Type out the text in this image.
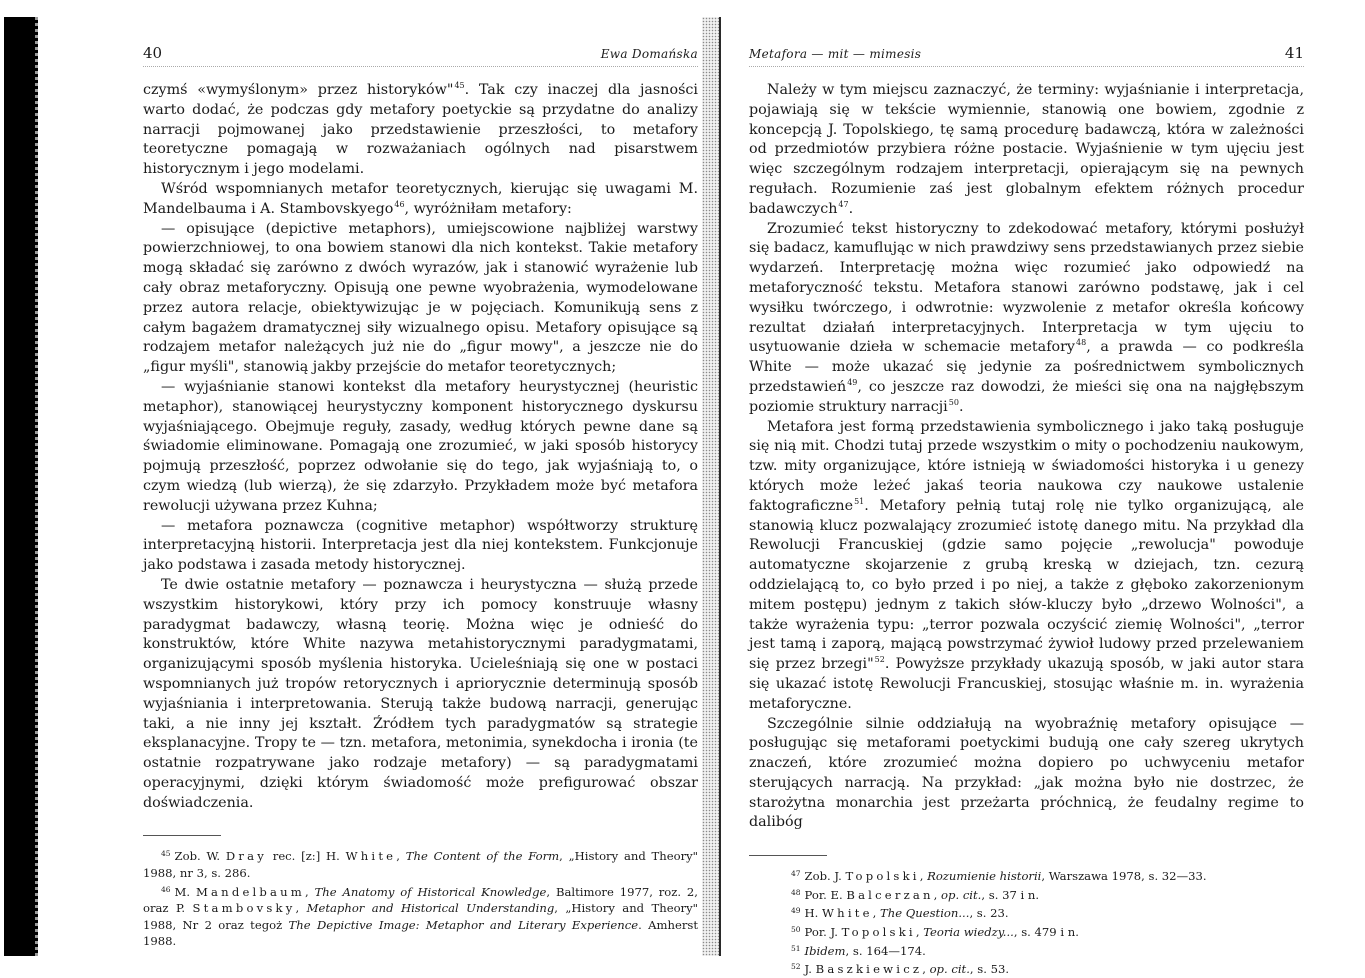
40	Ewa Domańska

czymś «wymyślonym» przez historyków"$^{45}$. Tak czy inaczej dla jasności warto dodać, że podczas gdy metafory poetyckie są przydatne do analizy narracji pojmowanej jako przedstawienie przeszłości, to metafory teoretyczne pomagają w rozważaniach ogólnych nad pisarstwem historycznym i jego modelami.

Wśród wspomnianych metafor teoretycznych, kierując się uwagami M. Mandelbauma i A. Stambovskyego$^{46}$, wyróżniłam metafory:

— opisujące (depictive metaphors), umiejscowione najbliżej warstwy powierzchniowej, to ona bowiem stanowi dla nich kontekst. Takie metafory mogą składać się zarówno z dwóch wyrazów, jak i stanowić wyrażenie lub cały obraz metaforyczny. Opisują one pewne wyobrażenia, wymodelowane przez autora relacje, obiektywizując je w pojęciach. Komunikują sens z całym bagażem dramatycznej siły wizualnego opisu. Metafory opisujące są rodzajem metafor należących już nie do „figur mowy", a jeszcze nie do „figur myśli", stanowią jakby przejście do metafor teoretycznych;

— wyjaśnianie stanowi kontekst dla metafory heurystycznej (heuristic metaphor), stanowiącej heurystyczny komponent historycznego dyskursu wyjaśniającego. Obejmuje reguły, zasady, według których pewne dane są świadomie eliminowane. Pomagają one zrozumieć, w jaki sposób historycy pojmują przeszłość, poprzez odwołanie się do tego, jak wyjaśniają to, o czym wiedzą (lub wierzą), że się zdarzyło. Przykładem może być metafora rewolucji używana przez Kuhna;

— metafora poznawcza (cognitive metaphor) współtworzy strukturę interpretacyjną historii. Interpretacja jest dla niej kontekstem. Funkcjonuje jako podstawa i zasada metody historycznej.

Te dwie ostatnie metafory — poznawcza i heurystyczna — służą przede wszystkim historykowi, który przy ich pomocy konstruuje własny paradygmat badawczy, własną teorię. Można więc je odnieść do konstruktów, które White nazywa metahistorycznymi paradygmatami, organizującymi sposób myślenia historyka. Ucieleśniają się one w postaci wspomnianych już tropów retorycznych i apriorycznie determinują sposób wyjaśniania i interpretowania. Sterują także budową narracji, generując taki, a nie inny jej kształt. Źródłem tych paradygmatów są strategie eksplanacyjne. Tropy te — tzn. metafora, metonimia, synekdocha i ironia (te ostatnie rozpatrywane jako rodzaje metafory) — są paradygmatami operacyjnymi, dzięki którym świadomość może prefigurować obszar doświadczenia.

$^{45}$ Zob. W. Dray rec. [z:] H. White, The Content of the Form, „History and Theory" 1988, nr 3, s. 286.

$^{46}$ M. Mandelbaum, The Anatomy of Historical Knowledge, Baltimore 1977, roz. 2, oraz P. Stambovsky, Metaphor and Historical Understanding, „History and Theory" 1988, Nr 2 oraz tegoż The Depictive Image: Metaphor and Literary Experience. Amherst 1988.

Metafora — mit — mimesis	41

Należy w tym miejscu zaznaczyć, że terminy: wyjaśnianie i interpretacja, pojawiają się w tekście wymiennie, stanowią one bowiem, zgodnie z koncepcją J. Topolskiego, tę samą procedurę badawczą, która w zależności od przedmiotów przybiera różne postacie. Wyjaśnienie w tym ujęciu jest więc szczególnym rodzajem interpretacji, opierającym się na pewnych regułach. Rozumienie zaś jest globalnym efektem różnych procedur badawczych$^{47}$.

Zrozumieć tekst historyczny to zdekodować metafory, którymi posłużył się badacz, kamuflując w nich prawdziwy sens przedstawianych przez siebie wydarzeń. Interpretację można więc rozumieć jako odpowiedź na metaforyczność tekstu. Metafora stanowi zarówno podstawę, jak i cel wysiłku twórczego, i odwrotnie: wyzwolenie z metafor określa końcowy rezultat działań interpretacyjnych. Interpretacja w tym ujęciu to usytuowanie dzieła w schemacie metafory$^{48}$, a prawda — co podkreśla White — może ukazać się jedynie za pośrednictwem symbolicznych przedstawień$^{49}$, co jeszcze raz dowodzi, że mieści się ona na najgłębszym poziomie struktury narracji$^{50}$.

Metafora jest formą przedstawienia symbolicznego i jako taką posługuje się nią mit. Chodzi tutaj przede wszystkim o mity o pochodzeniu naukowym, tzw. mity organizujące, które istnieją w świadomości historyka i u genezy których może leżeć jakaś teoria naukowa czy naukowe ustalenie faktograficzne$^{51}$. Metafory pełnią tutaj rolę nie tylko organizującą, ale stanowią klucz pozwalający zrozumieć istotę danego mitu. Na przykład dla Rewolucji Francuskiej (gdzie samo pojęcie „rewolucja" powoduje automatyczne skojarzenie z grubą kreską w dziejach, tzn. cezurą oddzielającą to, co było przed i po niej, a także z głęboko zakorzenionym mitem postępu) jednym z takich słów-kluczy było „drzewo Wolności", a także wyrażenia typu: „terror pozwala oczyścić ziemię Wolności", „terror jest tamą i zaporą, mającą powstrzymać żywioł ludowy przed przelewaniem się przez brzegi"$^{52}$. Powyższe przykłady ukazują sposób, w jaki autor stara się ukazać istotę Rewolucji Francuskiej, stosując właśnie m. in. wyrażenia metaforyczne.

Szczególnie silnie oddziałują na wyobraźnię metafory opisujące — posługując się metaforami poetyckimi budują one cały szereg ukrytych znaczeń, które zrozumieć można dopiero po uchwyceniu metafor sterujących narracją. Na przykład: „jak można było nie dostrzec, że starożytna monarchia jest przeżarta próchnicą, że feudalny regime to dalibóg

$^{47}$ Zob. J. Topolski, Rozumienie historii, Warszawa 1978, s. 32—33.

$^{48}$ Por. E. Balcerzan, op. cit., s. 37 i n.

$^{49}$ H. White, The Question..., s. 23.

$^{50}$ Por. J. Topolski, Teoria wiedzy..., s. 479 i n.

$^{51}$ Ibidem, s. 164—174.

$^{52}$ J. Baszkiewicz, op. cit., s. 53.
